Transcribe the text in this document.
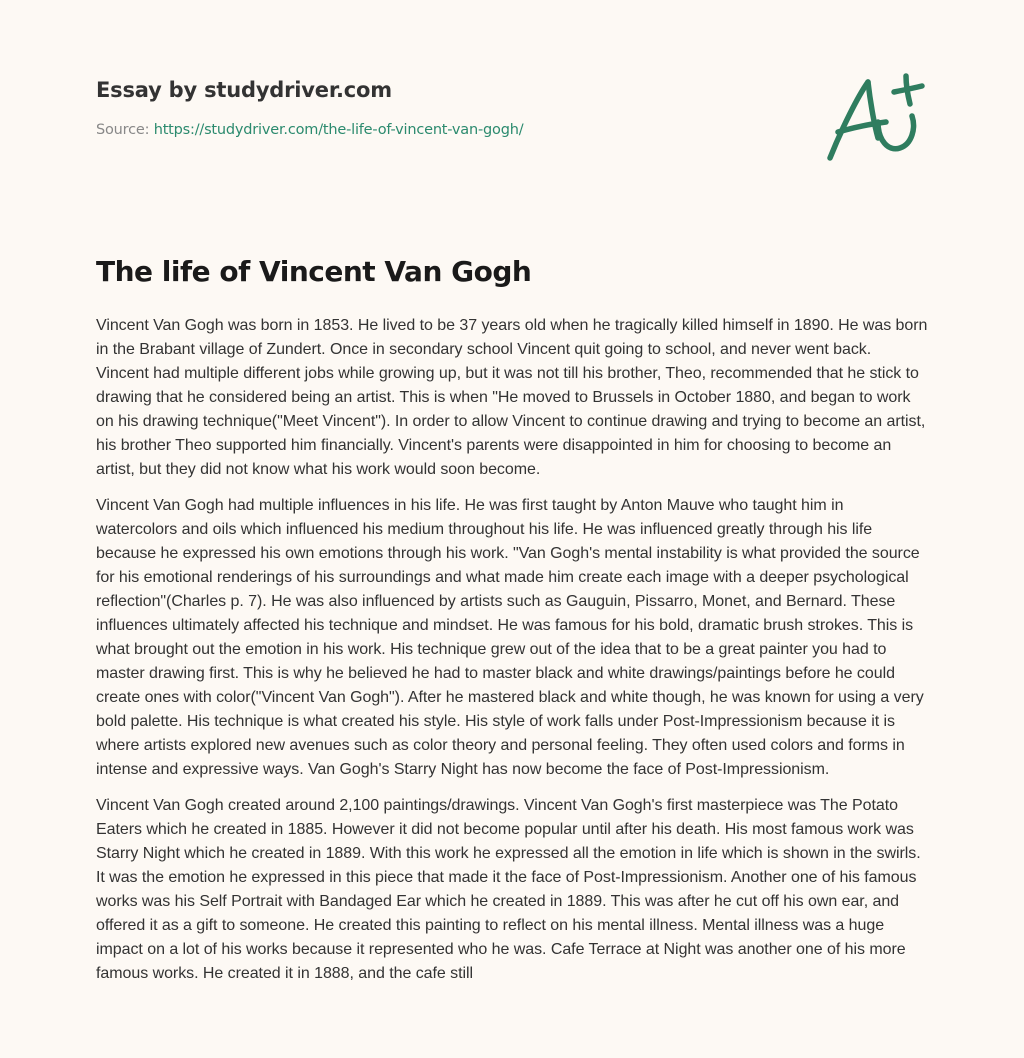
Essay by studydriver.com
Source: https://studydriver.com/the-life-of-vincent-van-gogh/
The life of Vincent Van Gogh

Vincent Van Gogh was born in 1853. He lived to be 37 years old when he tragically killed himself in 1890. He was born in the Brabant village of Zundert. Once in secondary school Vincent quit going to school, and never went back. Vincent had multiple different jobs while growing up, but it was not till his brother, Theo, recommended that he stick to drawing that he considered being an artist. This is when "He moved to Brussels in October 1880, and began to work on his drawing technique("Meet Vincent"). In order to allow Vincent to continue drawing and trying to become an artist, his brother Theo supported him financially. Vincent's parents were disappointed in him for choosing to become an artist, but they did not know what his work would soon become.

Vincent Van Gogh had multiple influences in his life. He was first taught by Anton Mauve who taught him in watercolors and oils which influenced his medium throughout his life. He was influenced greatly through his life because he expressed his own emotions through his work. "Van Gogh's mental instability is what provided the source for his emotional renderings of his surroundings and what made him create each image with a deeper psychological reflection"(Charles p. 7). He was also influenced by artists such as Gauguin, Pissarro, Monet, and Bernard. These influences ultimately affected his technique and mindset. He was famous for his bold, dramatic brush strokes. This is what brought out the emotion in his work. His technique grew out of the idea that to be a great painter you had to master drawing first. This is why he believed he had to master black and white drawings/paintings before he could create ones with color("Vincent Van Gogh"). After he mastered black and white though, he was known for using a very bold palette. His technique is what created his style. His style of work falls under Post-Impressionism because it is where artists explored new avenues such as color theory and personal feeling. They often used colors and forms in intense and expressive ways. Van Gogh's Starry Night has now become the face of Post-Impressionism.

Vincent Van Gogh created around 2,100 paintings/drawings. Vincent Van Gogh's first masterpiece was The Potato Eaters which he created in 1885. However it did not become popular until after his death. His most famous work was Starry Night which he created in 1889. With this work he expressed all the emotion in life which is shown in the swirls. It was the emotion he expressed in this piece that made it the face of Post-Impressionism. Another one of his famous works was his Self Portrait with Bandaged Ear which he created in 1889. This was after he cut off his own ear, and offered it as a gift to someone. He created this painting to reflect on his mental illness. Mental illness was a huge impact on a lot of his works because it represented who he was. Cafe Terrace at Night was another one of his more famous works. He created it in 1888, and the cafe still
